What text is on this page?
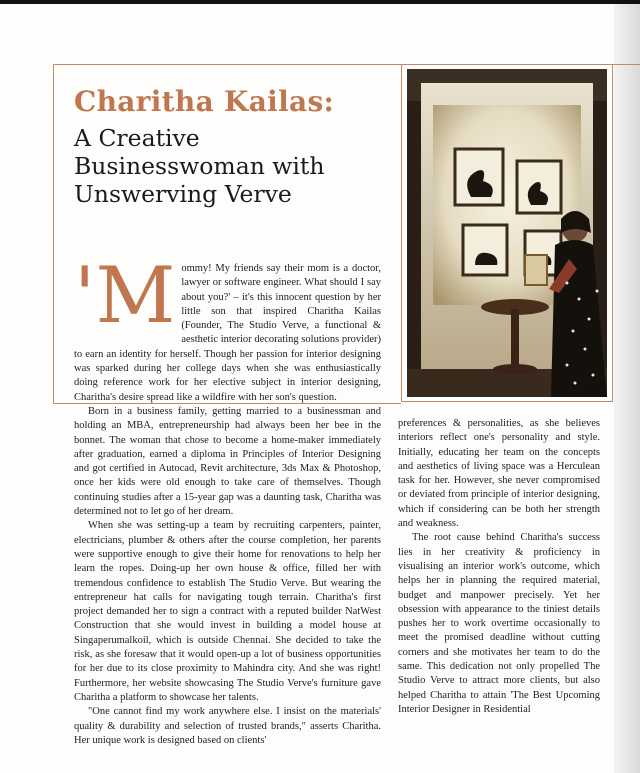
Charitha Kailas:
A Creative Businesswoman with Unswerving Verve
'M ommy! My friends say their mom is a doctor, lawyer or software engineer. What should I say about you?' – it's this innocent question by her little son that inspired Charitha Kailas (Founder, The Studio Verve, a functional & aesthetic interior decorating solutions provider) to earn an identity for herself. Though her passion for interior designing was sparked during her college days when she was enthusiastically doing reference work for her elective subject in interior designing, Charitha's desire spread like a wildfire with her son's question.

Born in a business family, getting married to a businessman and holding an MBA, entrepreneurship had always been her bee in the bonnet. The woman that chose to become a home-maker immediately after graduation, earned a diploma in Principles of Interior Designing and got certified in Autocad, Revit architecture, 3ds Max & Photoshop, once her kids were old enough to take care of themselves. Though continuing studies after a 15-year gap was a daunting task, Charitha was determined not to let go of her dream.

When she was setting-up a team by recruiting carpenters, painter, electricians, plumber & others after the course completion, her parents were supportive enough to give their home for renovations to help her learn the ropes. Doing-up her own house & office, filled her with tremendous confidence to establish The Studio Verve. But wearing the entrepreneur hat calls for navigating tough terrain. Charitha's first project demanded her to sign a contract with a reputed builder NatWest Construction that she would invest in building a model house at Singaperumalkoil, which is outside Chennai. She decided to take the risk, as she foresaw that it would open-up a lot of business opportunities for her due to its close proximity to Mahindra city. And she was right! Furthermore, her website showcasing The Studio Verve's furniture gave Charitha a platform to showcase her talents.

"One cannot find my work anywhere else. I insist on the materials' quality & durability and selection of trusted brands," asserts Charitha. Her unique work is designed based on clients'

preferences & personalities, as she believes interiors reflect one's personality and style. Initially, educating her team on the concepts and aesthetics of living space was a Herculean task for her. However, she never compromised or deviated from principle of interior designing, which if considering can be both her strength and weakness.

The root cause behind Charitha's success lies in her creativity & proficiency in visualising an interior work's outcome, which helps her in planning the required material, budget and manpower precisely. Yet her obsession with appearance to the tiniest details pushes her to work overtime occasionally to meet the promised deadline without cutting corners and she motivates her team to do the same. This dedication not only propelled The Studio Verve to attract more clients, but also helped Charitha to attain 'The Best Upcoming Interior Designer in Residential
